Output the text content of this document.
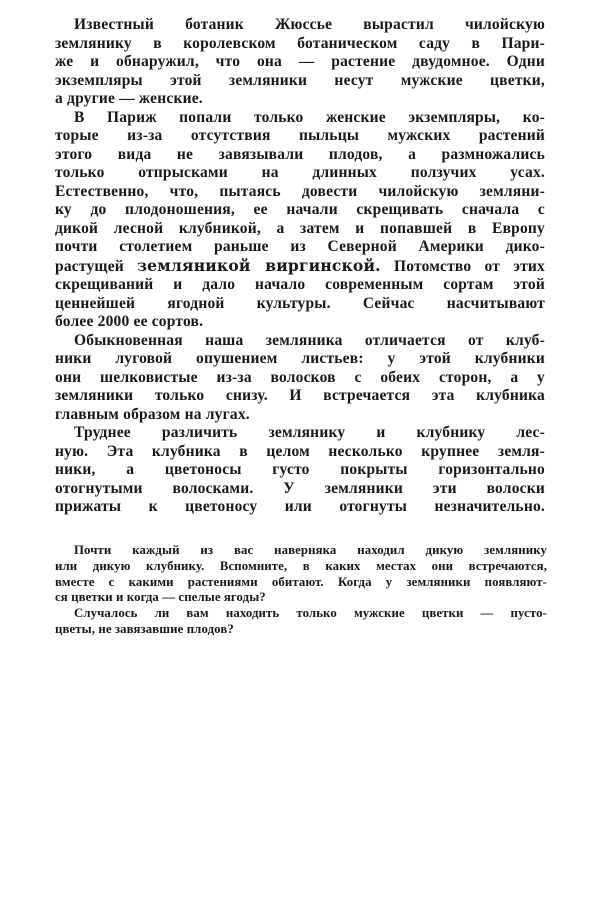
Известный ботаник Жюссье вырастил чилойскую
землянику в королевском ботаническом саду в Пари-
же и обнаружил, что она — растение двудомное. Одни
экземпляры этой земляники несут мужские цветки,
а другие — женские.
В Париж попали только женские экземпляры, ко-
торые из-за отсутствия пыльцы мужских растений
этого вида не завязывали плодов, а размножались
только отпрысками на длинных ползучих усах.
Естественно, что, пытаясь довести чилойскую земляни-
ку до плодоношения, ее начали скрещивать сначала с
дикой лесной клубникой, а затем и попавшей в Европу
почти столетием раньше из Северной Америки дико-
растущей земляникой виргинской. Потомство от этих
скрещиваний и дало начало современным сортам этой
ценнейшей ягодной культуры. Сейчас насчитывают
более 2000 ее сортов.
Обыкновенная наша земляника отличается от клуб-
ники луговой опушением листьев: у этой клубники
они шелковистые из-за волосков с обеих сторон, а у
земляники только снизу. И встречается эта клубника
главным образом на лугах.
Труднее различить землянику и клубнику лес-
ную. Эта клубника в целом несколько крупнее земля-
ники, а цветоносы густо покрыты горизонтально
отогнутыми волосками. У земляники эти волоски
прижаты к цветоносу или отогнуты незначительно.
Почти каждый из вас наверняка находил дикую землянику
или дикую клубнику. Вспомните, в каких местах они встречаются,
вместе с какими растениями обитают. Когда у земляники появляют-
ся цветки и когда — спелые ягоды?
Случалось ли вам находить только мужские цветки — пусто-
цветы, не завязавшие плодов?
